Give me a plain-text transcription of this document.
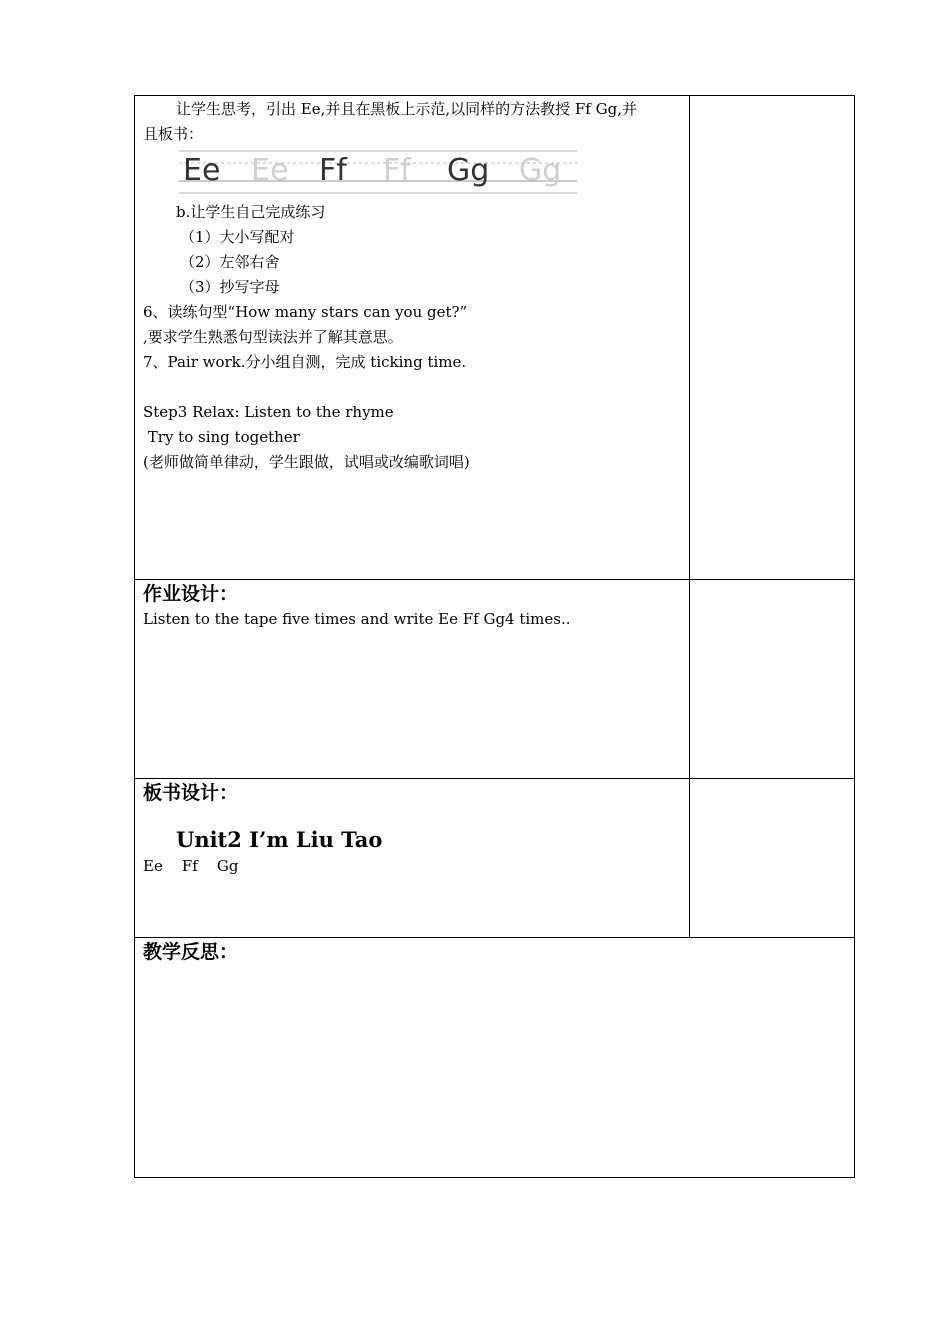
让学生思考，引出 Ee,并且在黑板上示范,以同样的方法教授 Ff Gg,并
且板书：
Ee Ee Ff Ff Gg Gg
b.让学生自己完成练习
（1）大小写配对
（2）左邻右舍
（3）抄写字母
6、读练句型“How many stars can you get?”
,要求学生熟悉句型读法并了解其意思。
7、Pair work.分小组自测，完成 ticking time.
Step3 Relax: Listen to the rhyme
Try to sing together
(老师做简单律动，学生跟做，试唱或改编歌词唱)
作业设计：
Listen to the tape five times and write Ee Ff Gg4 times..
板书设计：
Unit2 I’m Liu Tao
Ee    Ff    Gg
教学反思：
